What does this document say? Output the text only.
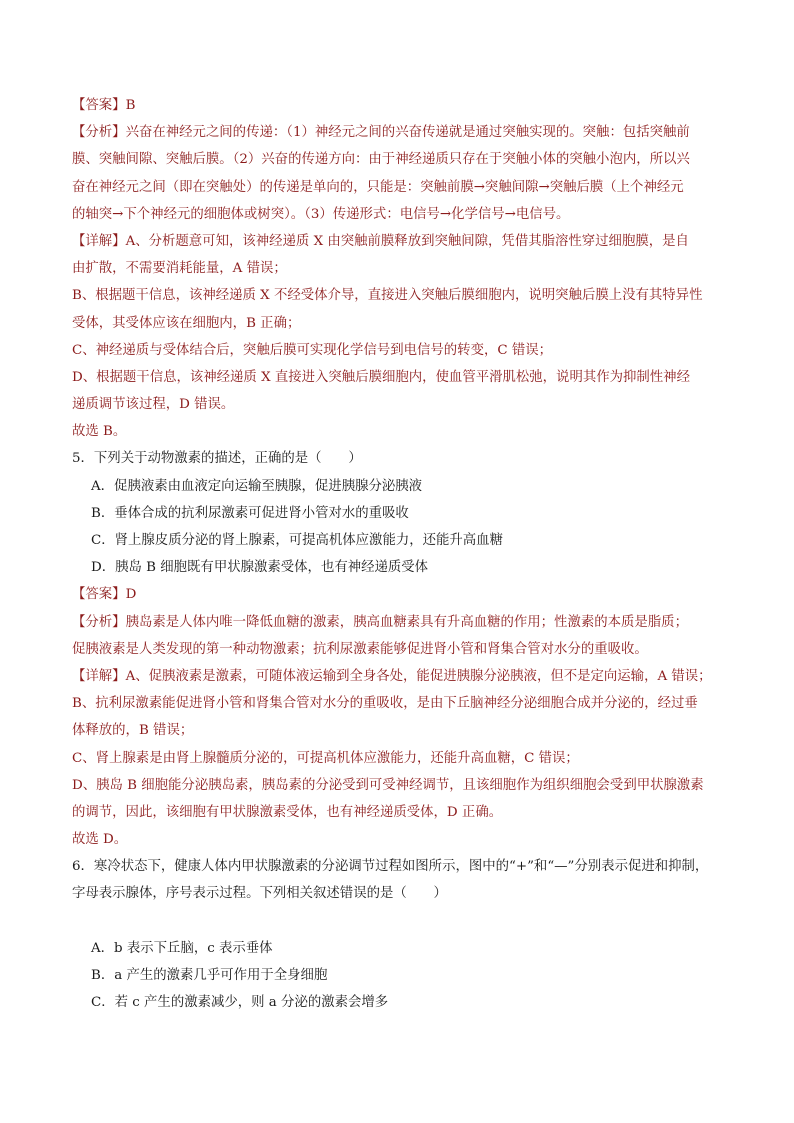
【答案】B
【分析】兴奋在神经元之间的传递：（1）神经元之间的兴奋传递就是通过突触实现的。突触：包括突触前
膜、突触间隙、突触后膜。（2）兴奋的传递方向：由于神经递质只存在于突触小体的突触小泡内，所以兴
奋在神经元之间（即在突触处）的传递是单向的，只能是：突触前膜→突触间隙→突触后膜（上个神经元
的轴突→下个神经元的细胞体或树突）。（3）传递形式：电信号→化学信号→电信号。
【详解】A、分析题意可知，该神经递质 X 由突触前膜释放到突触间隙，凭借其脂溶性穿过细胞膜，是自
由扩散，不需要消耗能量，A 错误；
B、根据题干信息，该神经递质 X 不经受体介导，直接进入突触后膜细胞内，说明突触后膜上没有其特异性
受体，其受体应该在细胞内，B 正确；
C、神经递质与受体结合后，突触后膜可实现化学信号到电信号的转变，C 错误；
D、根据题干信息，该神经递质 X 直接进入突触后膜细胞内，使血管平滑肌松弛，说明其作为抑制性神经
递质调节该过程，D 错误。
故选 B。
5．下列关于动物激素的描述，正确的是（　　）
A．促胰液素由血液定向运输至胰腺，促进胰腺分泌胰液
B．垂体合成的抗利尿激素可促进肾小管对水的重吸收
C．肾上腺皮质分泌的肾上腺素，可提高机体应激能力，还能升高血糖
D．胰岛 B 细胞既有甲状腺激素受体，也有神经递质受体
【答案】D
【分析】胰岛素是人体内唯一降低血糖的激素，胰高血糖素具有升高血糖的作用；性激素的本质是脂质；
促胰液素是人类发现的第一种动物激素；抗利尿激素能够促进肾小管和肾集合管对水分的重吸收。
【详解】A、促胰液素是激素，可随体液运输到全身各处，能促进胰腺分泌胰液，但不是定向运输，A 错误；
B、抗利尿激素能促进肾小管和肾集合管对水分的重吸收，是由下丘脑神经分泌细胞合成并分泌的，经过垂
体释放的，B 错误；
C、肾上腺素是由肾上腺髓质分泌的，可提高机体应激能力，还能升高血糖，C 错误；
D、胰岛 B 细胞能分泌胰岛素，胰岛素的分泌受到可受神经调节，且该细胞作为组织细胞会受到甲状腺激素
的调节，因此，该细胞有甲状腺激素受体，也有神经递质受体，D 正确。
故选 D。
6．寒冷状态下，健康人体内甲状腺激素的分泌调节过程如图所示，图中的“+”和“—”分别表示促进和抑制，
字母表示腺体，序号表示过程。下列相关叙述错误的是（　　）
A．b 表示下丘脑，c 表示垂体
B．a 产生的激素几乎可作用于全身细胞
C．若 c 产生的激素减少，则 a 分泌的激素会增多
